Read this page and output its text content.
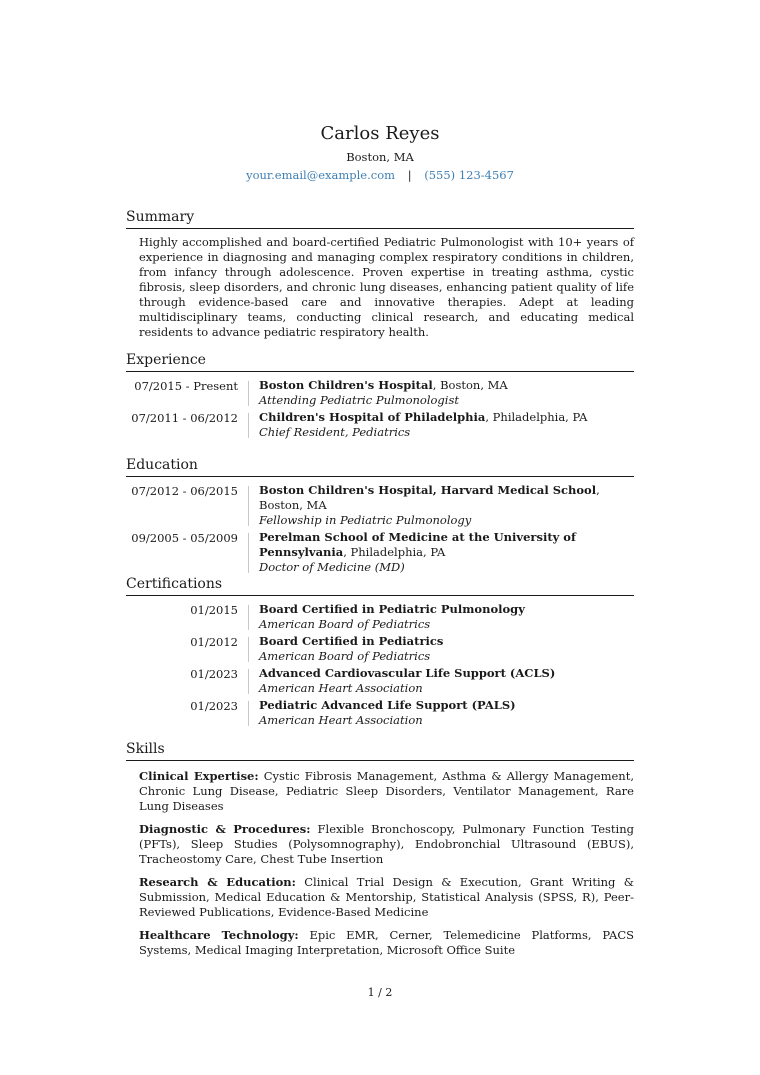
Carlos Reyes
Boston, MA
your.email@example.com | (555) 123-4567
Summary
Highly accomplished and board-certified Pediatric Pulmonologist with 10+ years of experience in diagnosing and managing complex respiratory conditions in children, from infancy through adolescence. Proven expertise in treating asthma, cystic fibrosis, sleep disorders, and chronic lung diseases, enhancing patient quality of life through evidence-based care and innovative therapies. Adept at leading multidisciplinary teams, conducting clinical research, and educating medical residents to advance pediatric respiratory health.
Experience
07/2015 - Present Boston Children's Hospital, Boston, MA
Attending Pediatric Pulmonologist
07/2011 - 06/2012 Children's Hospital of Philadelphia, Philadelphia, PA
Chief Resident, Pediatrics
Education
07/2012 - 06/2015 Boston Children's Hospital, Harvard Medical School, Boston, MA
Fellowship in Pediatric Pulmonology
09/2005 - 05/2009 Perelman School of Medicine at the University of Pennsylvania, Philadelphia, PA
Doctor of Medicine (MD)
Certifications
01/2015 Board Certified in Pediatric Pulmonology
American Board of Pediatrics
01/2012 Board Certified in Pediatrics
American Board of Pediatrics
01/2023 Advanced Cardiovascular Life Support (ACLS)
American Heart Association
01/2023 Pediatric Advanced Life Support (PALS)
American Heart Association
Skills
Clinical Expertise: Cystic Fibrosis Management, Asthma & Allergy Management, Chronic Lung Disease, Pediatric Sleep Disorders, Ventilator Management, Rare Lung Diseases
Diagnostic & Procedures: Flexible Bronchoscopy, Pulmonary Function Testing (PFTs), Sleep Studies (Polysomnography), Endobronchial Ultrasound (EBUS), Tracheostomy Care, Chest Tube Insertion
Research & Education: Clinical Trial Design & Execution, Grant Writing & Submission, Medical Education & Mentorship, Statistical Analysis (SPSS, R), Peer-Reviewed Publications, Evidence-Based Medicine
Healthcare Technology: Epic EMR, Cerner, Telemedicine Platforms, PACS Systems, Medical Imaging Interpretation, Microsoft Office Suite
1 / 2
